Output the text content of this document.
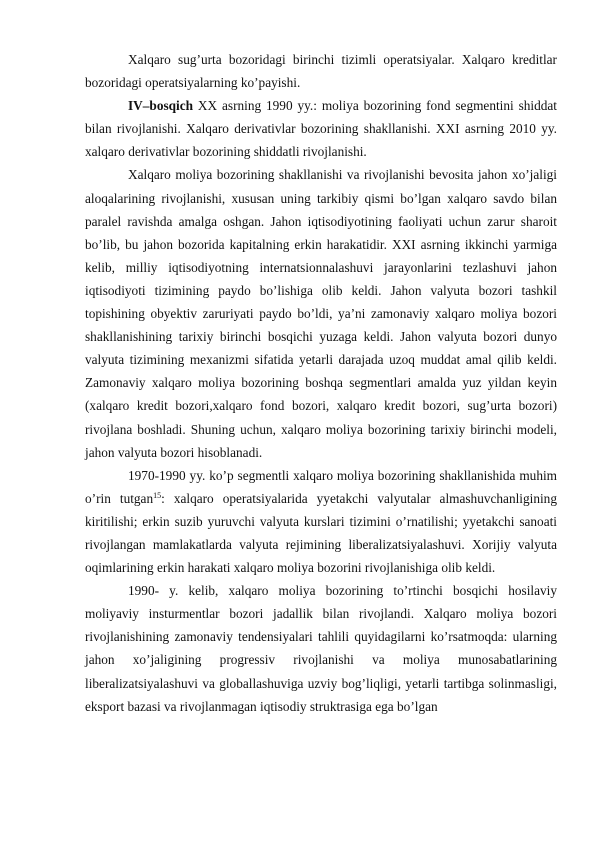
Xalqaro sug’urta bozoridagi birinchi tizimli operatsiyalar. Xalqaro kreditlar bozoridagi operatsiyalarning ko’payishi.

IV–bosqich XX asrning 1990 yy.: moliya bozorining fond segmentini shiddat bilan rivojlanishi. Xalqaro derivativlar bozorining shakllanishi. XXI asrning 2010 yy. xalqaro derivativlar bozorining shiddatli rivojlanishi.

Xalqaro moliya bozorining shakllanishi va rivojlanishi bevosita jahon xo’jaligi aloqalarining rivojlanishi, xususan uning tarkibiy qismi bo’lgan xalqaro savdo bilan paralel ravishda amalga oshgan. Jahon iqtisodiyotining faoliyati uchun zarur sharoit bo’lib, bu jahon bozorida kapitalning erkin harakatidir. XXI asrning ikkinchi yarmiga kelib, milliy iqtisodiyotning internatsionnalashuvi jarayonlarini tezlashuvi jahon iqtisodiyoti tizimining paydo bo’lishiga olib keldi. Jahon valyuta bozori tashkil topishining obyektiv zaruriyati paydo bo’ldi, ya’ni zamonaviy xalqaro moliya bozori shakllanishining tarixiy birinchi bosqichi yuzaga keldi. Jahon valyuta bozori dunyo valyuta tizimining mexanizmi sifatida yetarli darajada uzoq muddat amal qilib keldi. Zamonaviy xalqaro moliya bozorining boshqa segmentlari amalda yuz yildan keyin (xalqaro kredit bozori,xalqaro fond bozori, xalqaro kredit bozori, sug’urta bozori) rivojlana boshladi. Shuning uchun, xalqaro moliya bozorining tarixiy birinchi modeli, jahon valyuta bozori hisoblanadi.

1970-1990 yy. ko’p segmentli xalqaro moliya bozorining shakllanishida muhim o’rin tutgan$^{15}$: xalqaro operatsiyalarida yyetakchi valyutalar almashuvchanligining kiritilishi; erkin suzib yuruvchi valyuta kurslari tizimini o’rnatilishi; yyetakchi sanoati rivojlangan mamlakatlarda valyuta rejimining liberalizatsiyalashuvi. Xorijiy valyuta oqimlarining erkin harakati xalqaro moliya bozorini rivojlanishiga olib keldi.

1990- y. kelib, xalqaro moliya bozorining to’rtinchi bosqichi hosilaviy moliyaviy insturmentlar bozori jadallik bilan rivojlandi. Xalqaro moliya bozori rivojlanishining zamonaviy tendensiyalari tahlili quyidagilarni ko’rsatmoqda: ularning jahon xo’jaligining progressiv rivojlanishi va moliya munosabatlarining liberalizatsiyalashuvi va globallashuviga uzviy bog’liqligi, yetarli tartibga solinmasligi, eksport bazasi va rivojlanmagan iqtisodiy struktrasiga ega bo’lgan
